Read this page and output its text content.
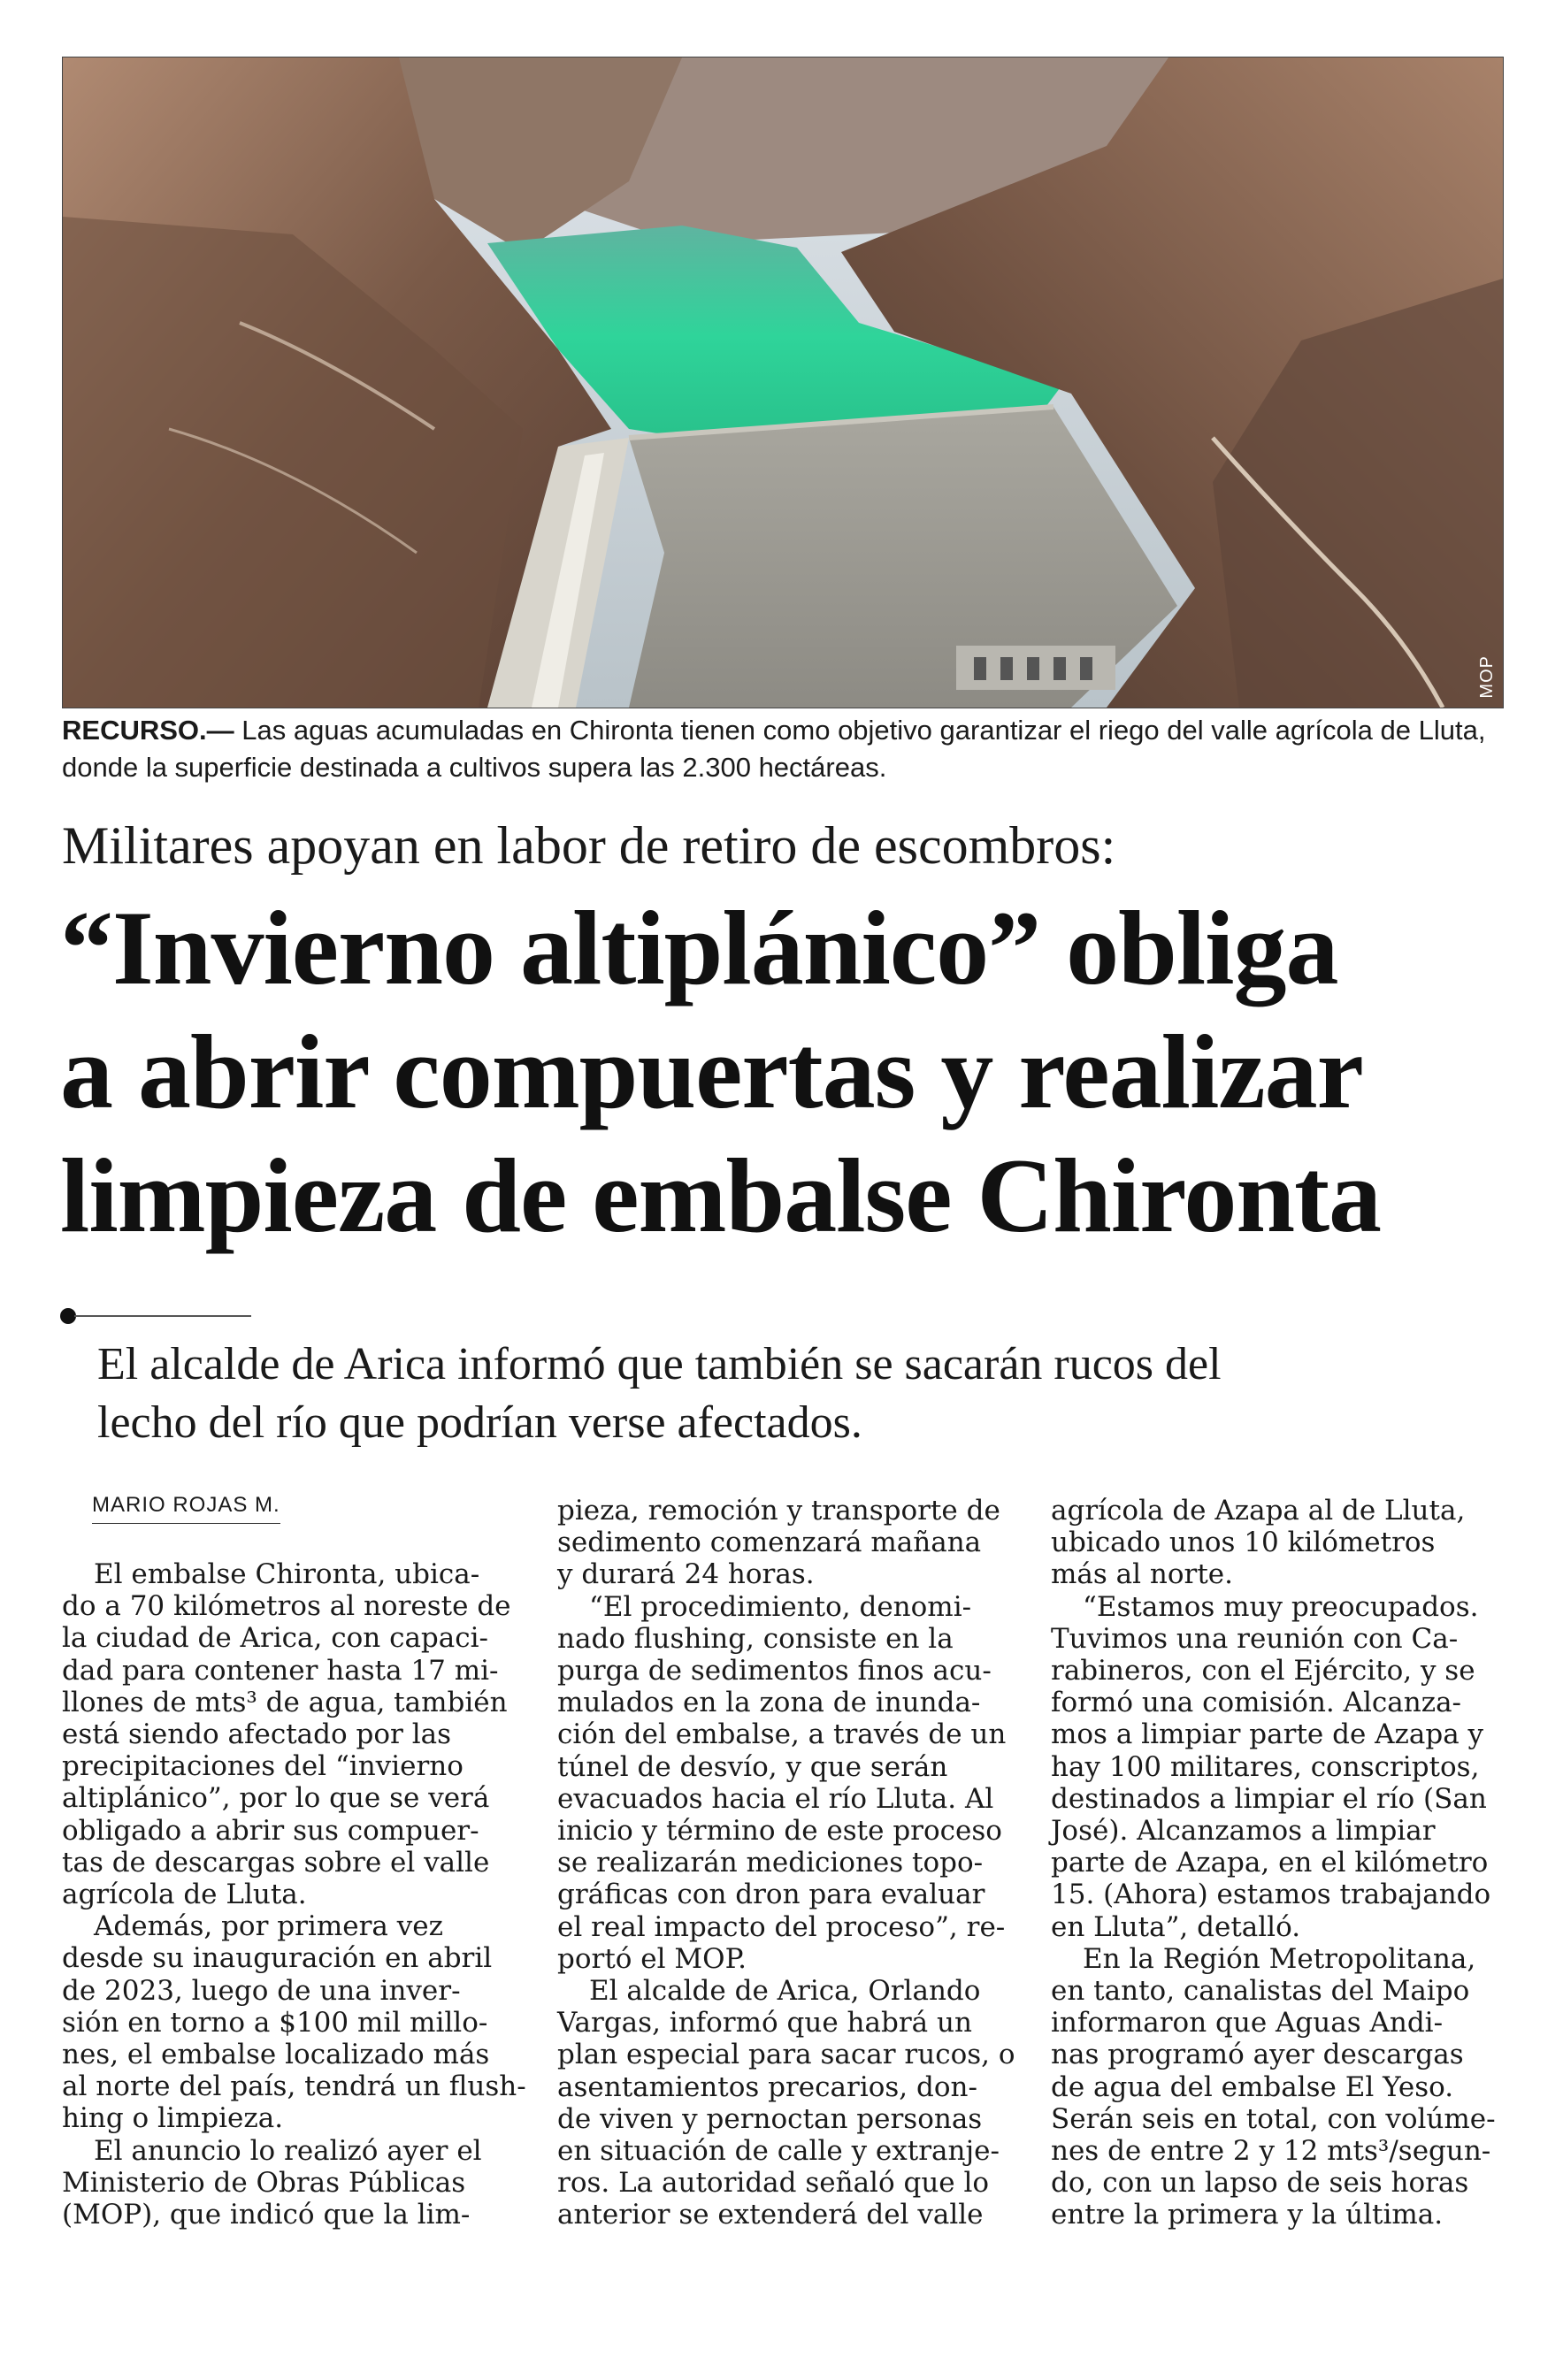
MOP
RECURSO.— Las aguas acumuladas en Chironta tienen como objetivo garantizar el riego del valle agrícola de Lluta, donde la superficie destinada a cultivos supera las 2.300 hectáreas.
Militares apoyan en labor de retiro de escombros:
“Invierno altiplánico” obliga
a abrir compuertas y realizar
limpieza de embalse Chironta
El alcalde de Arica informó que también se sacarán rucos del
lecho del río que podrían verse afectados.
MARIO ROJAS M.
El embalse Chironta, ubica-
do a 70 kilómetros al noreste de
la ciudad de Arica, con capaci-
dad para contener hasta 17 mi-
llones de mts³ de agua, también
está siendo afectado por las
precipitaciones del “invierno
altiplánico”, por lo que se verá
obligado a abrir sus compuer-
tas de descargas sobre el valle
agrícola de Lluta.
Además, por primera vez
desde su inauguración en abril
de 2023, luego de una inver-
sión en torno a $100 mil millo-
nes, el embalse localizado más
al norte del país, tendrá un flush-
hing o limpieza.
El anuncio lo realizó ayer el
Ministerio de Obras Públicas
(MOP), que indicó que la lim-
pieza, remoción y transporte de
sedimento comenzará mañana
y durará 24 horas.
“El procedimiento, denomi-
nado flushing, consiste en la
purga de sedimentos finos acu-
mulados en la zona de inunda-
ción del embalse, a través de un
túnel de desvío, y que serán
evacuados hacia el río Lluta. Al
inicio y término de este proceso
se realizarán mediciones topo-
gráficas con dron para evaluar
el real impacto del proceso”, re-
portó el MOP.
El alcalde de Arica, Orlando
Vargas, informó que habrá un
plan especial para sacar rucos, o
asentamientos precarios, don-
de viven y pernoctan personas
en situación de calle y extranje-
ros. La autoridad señaló que lo
anterior se extenderá del valle
agrícola de Azapa al de Lluta,
ubicado unos 10 kilómetros
más al norte.
“Estamos muy preocupados.
Tuvimos una reunión con Ca-
rabineros, con el Ejército, y se
formó una comisión. Alcanza-
mos a limpiar parte de Azapa y
hay 100 militares, conscriptos,
destinados a limpiar el río (San
José). Alcanzamos a limpiar
parte de Azapa, en el kilómetro
15. (Ahora) estamos trabajando
en Lluta”, detalló.
En la Región Metropolitana,
en tanto, canalistas del Maipo
informaron que Aguas Andi-
nas programó ayer descargas
de agua del embalse El Yeso.
Serán seis en total, con volúme-
nes de entre 2 y 12 mts³/segun-
do, con un lapso de seis horas
entre la primera y la última.
